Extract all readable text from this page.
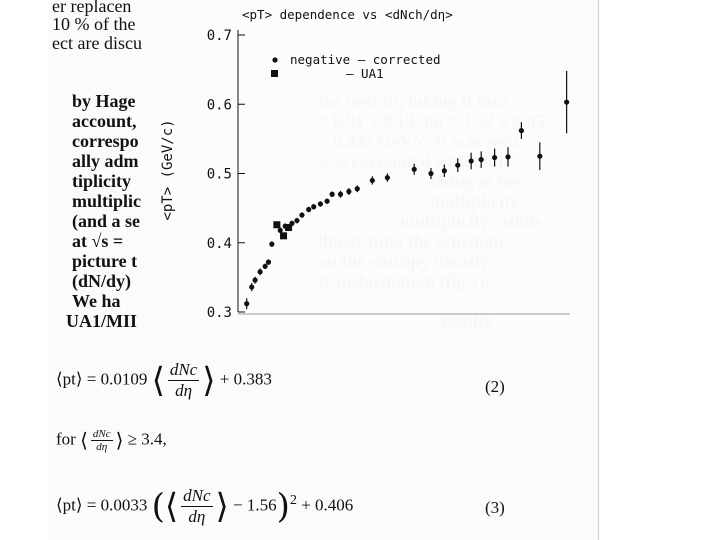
er replacen
10 % of the
ect are discu
by Hage
account,
correspo
ally adm
tiplicity
multiplic
(and a se
at √s =
picture t
(dN/dy)
We ha
UA1/MII
<pT> dependence vs <dNch/dη>
0.3
0.4
0.5
0.6
0.7
<pT> (GeV/c)
negative — corrected
— UA1
⟨pt⟩ = 0.0109 ⟨ $\frac{\text{dNc}}{d\eta}$ ⟩ + 0.383	(2)
for ⟨ $\frac{\text{dNc}}{d\eta}$ ⟩ ≥ 3.4,
⟨pt⟩ = 0.0033 (⟨ $\frac{\text{dNc}}{d\eta}$ ⟩ − 1.56)$^2$ + 0.406	(3)
